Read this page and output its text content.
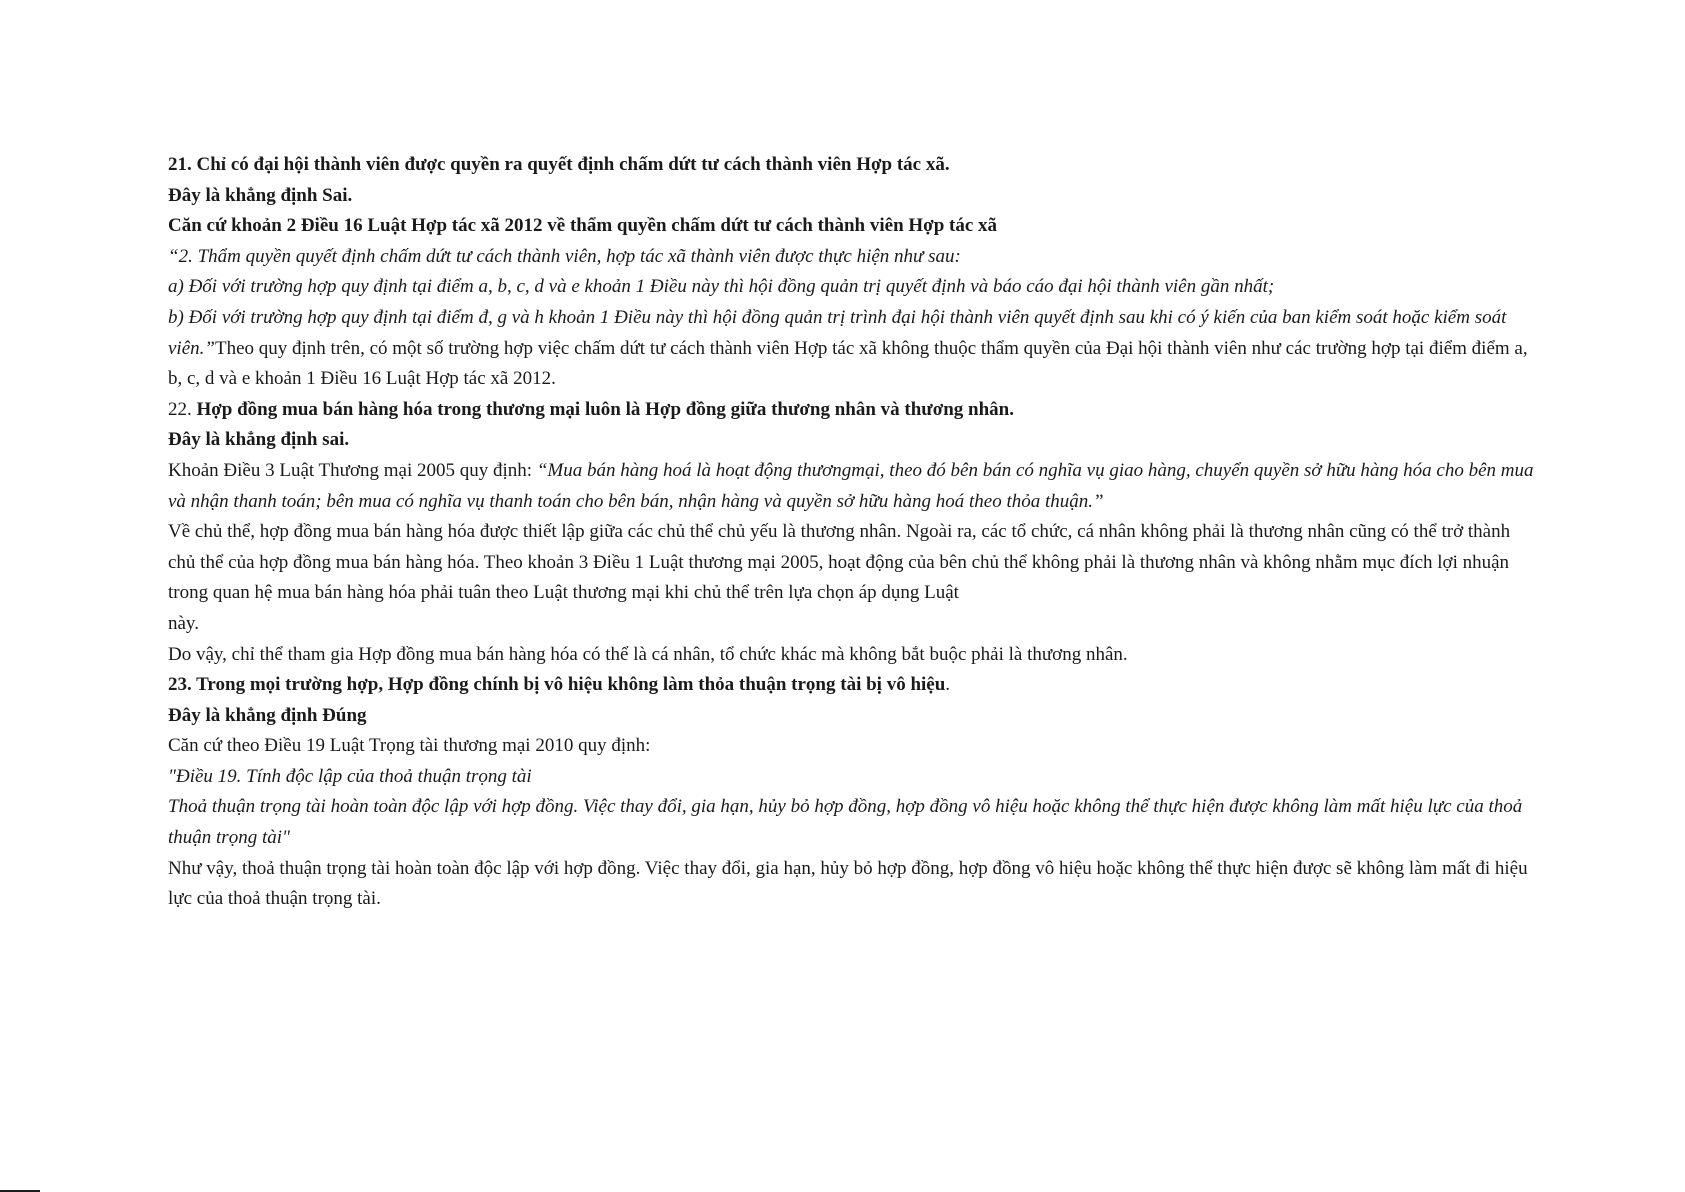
21. Chỉ có đại hội thành viên được quyền ra quyết định chấm dứt tư cách thành viên Hợp tác xã.

Đây là khẳng định Sai.

Căn cứ khoản 2 Điều 16 Luật Hợp tác xã 2012 về thẩm quyền chấm dứt tư cách thành viên Hợp tác xã

“2. Thẩm quyền quyết định chấm dứt tư cách thành viên, hợp tác xã thành viên được thực hiện như sau:

a) Đối với trường hợp quy định tại điểm a, b, c, d và e khoản 1 Điều này thì hội đồng quản trị quyết định và báo cáo đại hội thành viên gần nhất;

b) Đối với trường hợp quy định tại điểm đ, g và h khoản 1 Điều này thì hội đồng quản trị trình đại hội thành viên quyết định sau khi có ý kiến của ban kiểm soát hoặc kiểm soát viên.”Theo quy định trên, có một số trường hợp việc chấm dứt tư cách thành viên Hợp tác xã không thuộc thẩm quyền của Đại hội thành viên như các trường hợp tại điểm điểm a, b, c, d và e khoản 1 Điều 16 Luật Hợp tác xã 2012.

22. Hợp đồng mua bán hàng hóa trong thương mại luôn là Hợp đồng giữa thương nhân và thương nhân.

Đây là khẳng định sai.

Khoản Điều 3 Luật Thương mại 2005 quy định: “Mua bán hàng hoá là hoạt động thươngmại, theo đó bên bán có nghĩa vụ giao hàng, chuyển quyền sở hữu hàng hóa cho bên mua và nhận thanh toán; bên mua có nghĩa vụ thanh toán cho bên bán, nhận hàng và quyền sở hữu hàng hoá theo thỏa thuận.”

Về chủ thể, hợp đồng mua bán hàng hóa được thiết lập giữa các chủ thể chủ yếu là thương nhân. Ngoài ra, các tổ chức, cá nhân không phải là thương nhân cũng có thể trở thành chủ thể của hợp đồng mua bán hàng hóa. Theo khoản 3 Điều 1 Luật thương mại 2005, hoạt động của bên chủ thể không phải là thương nhân và không nhằm mục đích lợi nhuận trong quan hệ mua bán hàng hóa phải tuân theo Luật thương mại khi chủ thể trên lựa chọn áp dụng Luật

này.

Do vậy, chỉ thể tham gia Hợp đồng mua bán hàng hóa có thể là cá nhân, tổ chức khác mà không bắt buộc phải là thương nhân.

23. Trong mọi trường hợp, Hợp đồng chính bị vô hiệu không làm thỏa thuận trọng tài bị vô hiệu.

Đây là khẳng định Đúng

Căn cứ theo Điều 19 Luật Trọng tài thương mại 2010 quy định:

"Điều 19. Tính độc lập của thoả thuận trọng tài

Thoả thuận trọng tài hoàn toàn độc lập với hợp đồng. Việc thay đổi, gia hạn, hủy bỏ hợp đồng, hợp đồng vô hiệu hoặc không thể thực hiện được không làm mất hiệu lực của thoả thuận trọng tài"

Như vậy, thoả thuận trọng tài hoàn toàn độc lập với hợp đồng. Việc thay đổi, gia hạn, hủy bỏ hợp đồng, hợp đồng vô hiệu hoặc không thể thực hiện được sẽ không làm mất đi hiệu lực của thoả thuận trọng tài.
